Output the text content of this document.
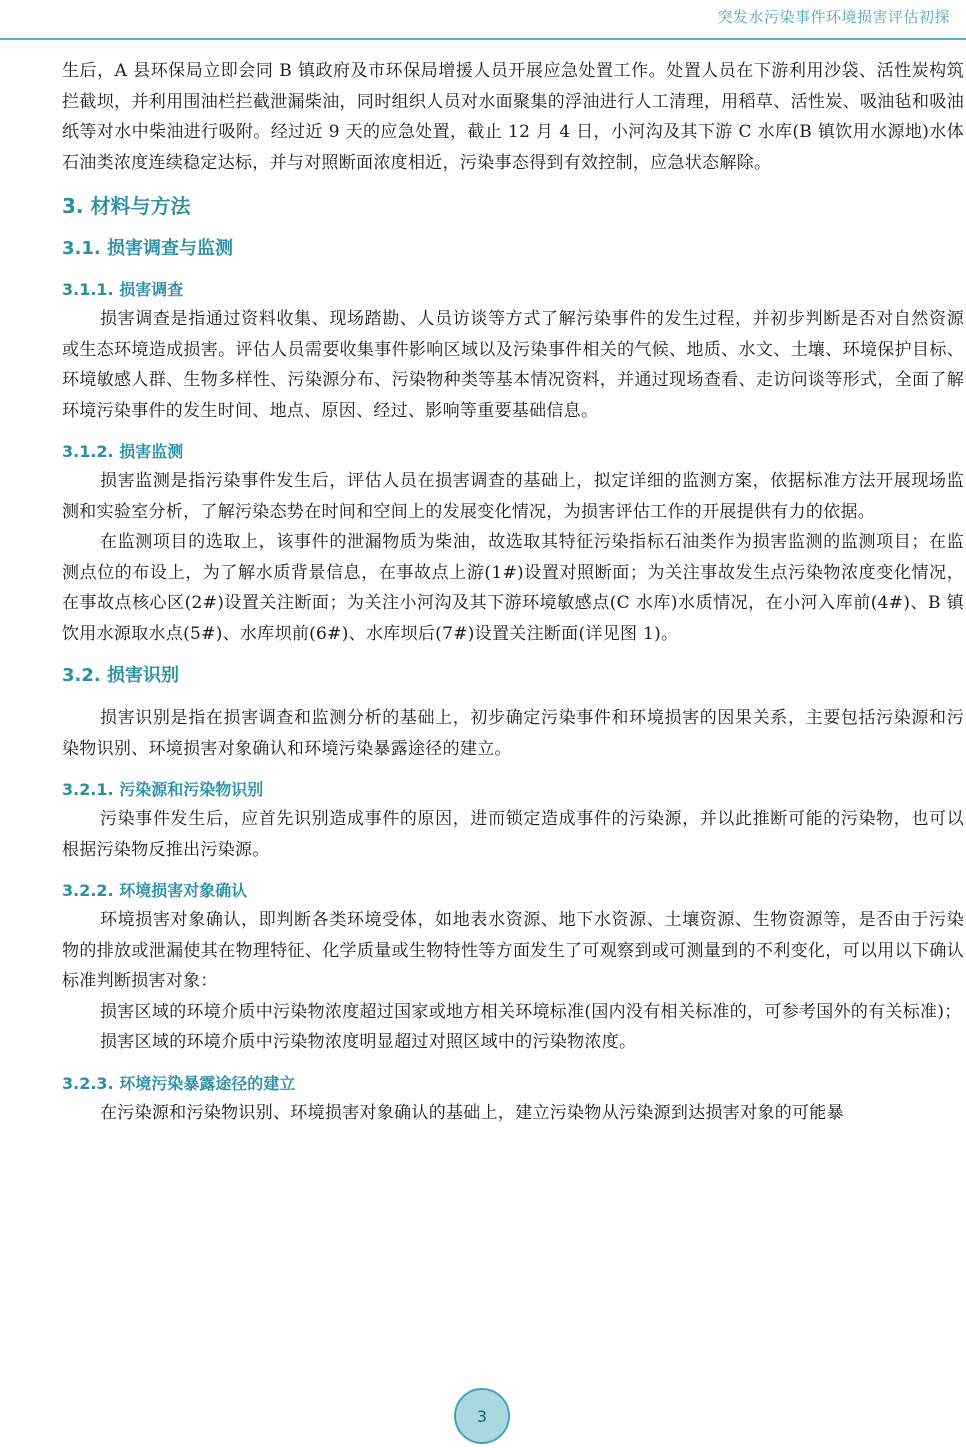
突发水污染事件环境损害评估初探

生后，A 县环保局立即会同 B 镇政府及市环保局增援人员开展应急处置工作。处置人员在下游利用沙袋、活性炭构筑拦截坝，并利用围油栏拦截泄漏柴油，同时组织人员对水面聚集的浮油进行人工清理，用稻草、活性炭、吸油毡和吸油纸等对水中柴油进行吸附。经过近 9 天的应急处置，截止 12 月 4 日，小河沟及其下游 C 水库(B 镇饮用水源地)水体石油类浓度连续稳定达标，并与对照断面浓度相近，污染事态得到有效控制，应急状态解除。

3. 材料与方法
3.1. 损害调查与监测
3.1.1. 损害调查

损害调查是指通过资料收集、现场踏勘、人员访谈等方式了解污染事件的发生过程，并初步判断是否对自然资源或生态环境造成损害。评估人员需要收集事件影响区域以及污染事件相关的气候、地质、水文、土壤、环境保护目标、环境敏感人群、生物多样性、污染源分布、污染物种类等基本情况资料，并通过现场查看、走访问谈等形式，全面了解环境污染事件的发生时间、地点、原因、经过、影响等重要基础信息。

3.1.2. 损害监测

损害监测是指污染事件发生后，评估人员在损害调查的基础上，拟定详细的监测方案，依据标准方法开展现场监测和实验室分析，了解污染态势在时间和空间上的发展变化情况，为损害评估工作的开展提供有力的依据。

在监测项目的选取上，该事件的泄漏物质为柴油，故选取其特征污染指标石油类作为损害监测的监测项目；在监测点位的布设上，为了解水质背景信息，在事故点上游(1#)设置对照断面；为关注事故发生点污染物浓度变化情况，在事故点核心区(2#)设置关注断面；为关注小河沟及其下游环境敏感点(C 水库)水质情况，在小河入库前(4#)、B 镇饮用水源取水点(5#)、水库坝前(6#)、水库坝后(7#)设置关注断面(详见图 1)。

3.2. 损害识别

损害识别是指在损害调查和监测分析的基础上，初步确定污染事件和环境损害的因果关系，主要包括污染源和污染物识别、环境损害对象确认和环境污染暴露途径的建立。

3.2.1. 污染源和污染物识别

污染事件发生后，应首先识别造成事件的原因，进而锁定造成事件的污染源，并以此推断可能的污染物，也可以根据污染物反推出污染源。

3.2.2. 环境损害对象确认

环境损害对象确认，即判断各类环境受体，如地表水资源、地下水资源、土壤资源、生物资源等，是否由于污染物的排放或泄漏使其在物理特征、化学质量或生物特性等方面发生了可观察到或可测量到的不利变化，可以用以下确认标准判断损害对象：

损害区域的环境介质中污染物浓度超过国家或地方相关环境标准(国内没有相关标准的，可参考国外的有关标准)；

损害区域的环境介质中污染物浓度明显超过对照区域中的污染物浓度。

3.2.3. 环境污染暴露途径的建立

在污染源和污染物识别、环境损害对象确认的基础上，建立污染物从污染源到达损害对象的可能暴

3
